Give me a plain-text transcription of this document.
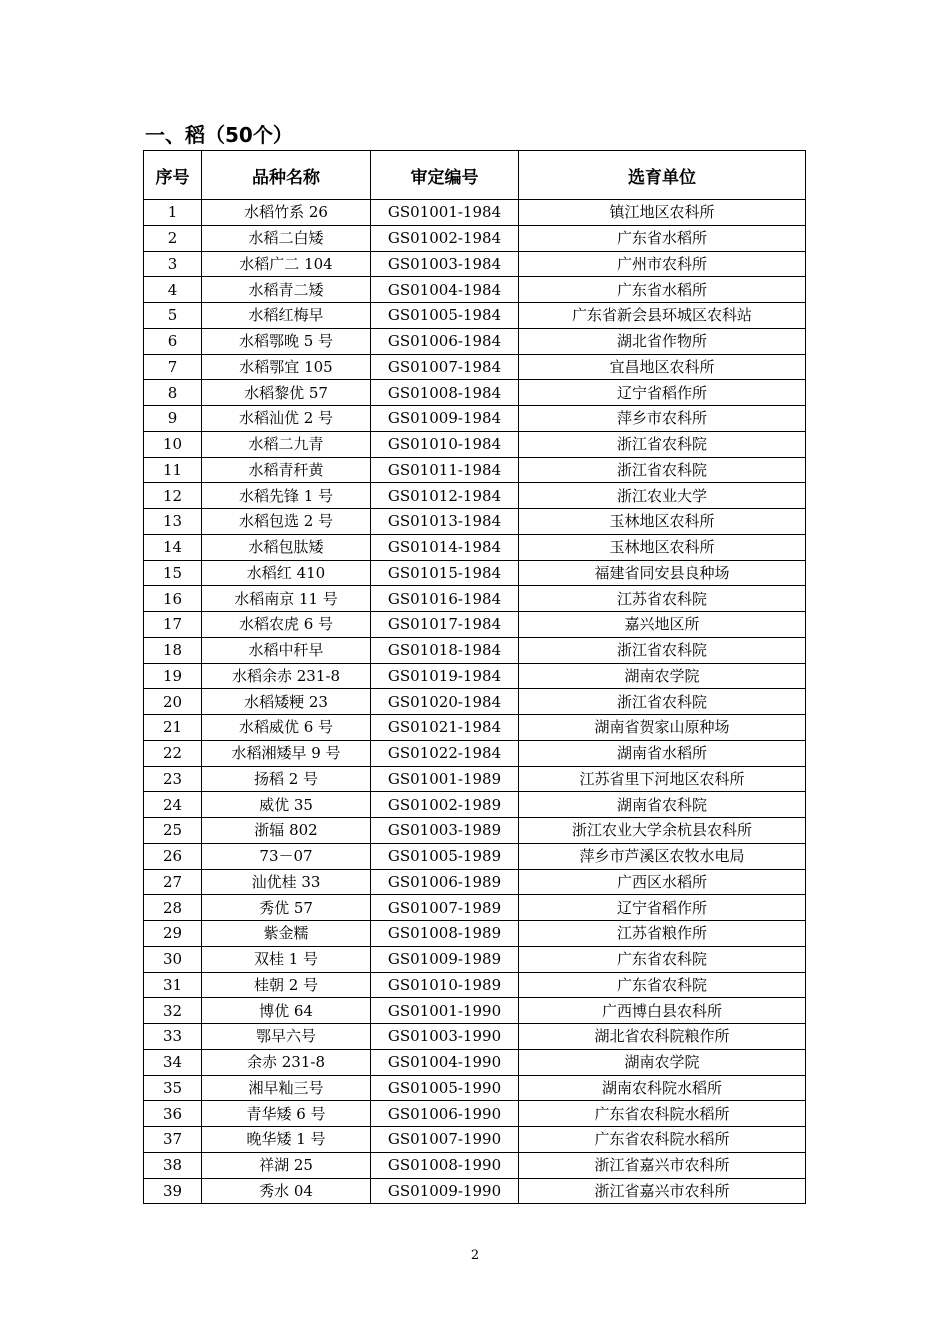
一、稻（50个）
序号	品种名称	审定编号	选育单位
1	水稻竹系 26	GS01001-1984	镇江地区农科所
2	水稻二白矮	GS01002-1984	广东省水稻所
3	水稻广二 104	GS01003-1984	广州市农科所
4	水稻青二矮	GS01004-1984	广东省水稻所
5	水稻红梅早	GS01005-1984	广东省新会县环城区农科站
6	水稻鄂晚 5 号	GS01006-1984	湖北省作物所
7	水稻鄂宜 105	GS01007-1984	宜昌地区农科所
8	水稻黎优 57	GS01008-1984	辽宁省稻作所
9	水稻汕优 2 号	GS01009-1984	萍乡市农科所
10	水稻二九青	GS01010-1984	浙江省农科院
11	水稻青秆黄	GS01011-1984	浙江省农科院
12	水稻先锋 1 号	GS01012-1984	浙江农业大学
13	水稻包选 2 号	GS01013-1984	玉林地区农科所
14	水稻包肽矮	GS01014-1984	玉林地区农科所
15	水稻红 410	GS01015-1984	福建省同安县良种场
16	水稻南京 11 号	GS01016-1984	江苏省农科院
17	水稻农虎 6 号	GS01017-1984	嘉兴地区所
18	水稻中秆早	GS01018-1984	浙江省农科院
19	水稻余赤 231-8	GS01019-1984	湖南农学院
20	水稻矮粳 23	GS01020-1984	浙江省农科院
21	水稻威优 6 号	GS01021-1984	湖南省贺家山原种场
22	水稻湘矮早 9 号	GS01022-1984	湖南省水稻所
23	扬稻 2 号	GS01001-1989	江苏省里下河地区农科所
24	威优 35	GS01002-1989	湖南省农科院
25	浙辐 802	GS01003-1989	浙江农业大学余杭县农科所
26	73－07	GS01005-1989	萍乡市芦溪区农牧水电局
27	汕优桂 33	GS01006-1989	广西区水稻所
28	秀优 57	GS01007-1989	辽宁省稻作所
29	紫金糯	GS01008-1989	江苏省粮作所
30	双桂 1 号	GS01009-1989	广东省农科院
31	桂朝 2 号	GS01010-1989	广东省农科院
32	博优 64	GS01001-1990	广西博白县农科所
33	鄂早六号	GS01003-1990	湖北省农科院粮作所
34	余赤 231-8	GS01004-1990	湖南农学院
35	湘早籼三号	GS01005-1990	湖南农科院水稻所
36	青华矮 6 号	GS01006-1990	广东省农科院水稻所
37	晚华矮 1 号	GS01007-1990	广东省农科院水稻所
38	祥湖 25	GS01008-1990	浙江省嘉兴市农科所
39	秀水 04	GS01009-1990	浙江省嘉兴市农科所
2
